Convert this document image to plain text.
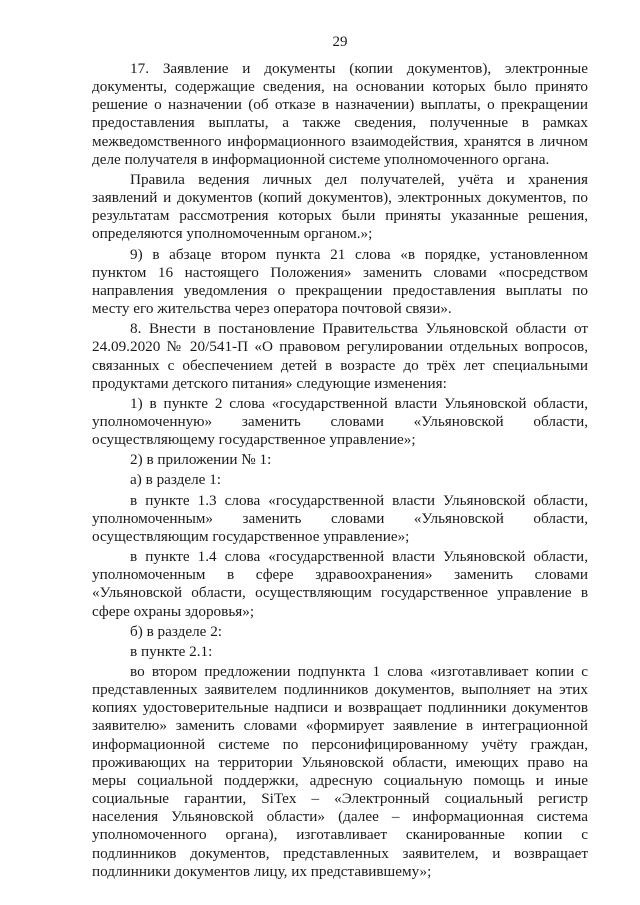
29

17. Заявление и документы (копии документов), электронные документы, содержащие сведения, на основании которых было принято решение о назначении (об отказе в назначении) выплаты, о прекращении предоставления выплаты, а также сведения, полученные в рамках межведомственного информационного взаимодействия, хранятся в личном деле получателя в информационной системе уполномоченного органа.

Правила ведения личных дел получателей, учёта и хранения заявлений и документов (копий документов), электронных документов, по результатам рассмотрения которых были приняты указанные решения, определяются уполномоченным органом.»;

9) в абзаце втором пункта 21 слова «в порядке, установленном пунктом 16 настоящего Положения» заменить словами «посредством направления уведомления о прекращении предоставления выплаты по месту его жительства через оператора почтовой связи».

8. Внести в постановление Правительства Ульяновской области от 24.09.2020 № 20/541-П «О правовом регулировании отдельных вопросов, связанных с обеспечением детей в возрасте до трёх лет специальными продуктами детского питания» следующие изменения:

1) в пункте 2 слова «государственной власти Ульяновской области, уполномоченную» заменить словами «Ульяновской области, осуществляющему государственное управление»;

2) в приложении № 1:

а) в разделе 1:

в пункте 1.3 слова «государственной власти Ульяновской области, уполномоченным» заменить словами «Ульяновской области, осуществляющим государственное управление»;

в пункте 1.4 слова «государственной власти Ульяновской области, уполномоченным в сфере здравоохранения» заменить словами «Ульяновской области, осуществляющим государственное управление в сфере охраны здоровья»;

б) в разделе 2:

в пункте 2.1:

во втором предложении подпункта 1 слова «изготавливает копии с представленных заявителем подлинников документов, выполняет на этих копиях удостоверительные надписи и возвращает подлинники документов заявителю» заменить словами «формирует заявление в интеграционной информационной системе по персонифицированному учёту граждан, проживающих на территории Ульяновской области, имеющих право на меры социальной поддержки, адресную социальную помощь и иные социальные гарантии, SiTex – «Электронный социальный регистр населения Ульяновской области» (далее – информационная система уполномоченного органа), изготавливает сканированные копии с подлинников документов, представленных заявителем, и возвращает подлинники документов лицу, их представившему»;
